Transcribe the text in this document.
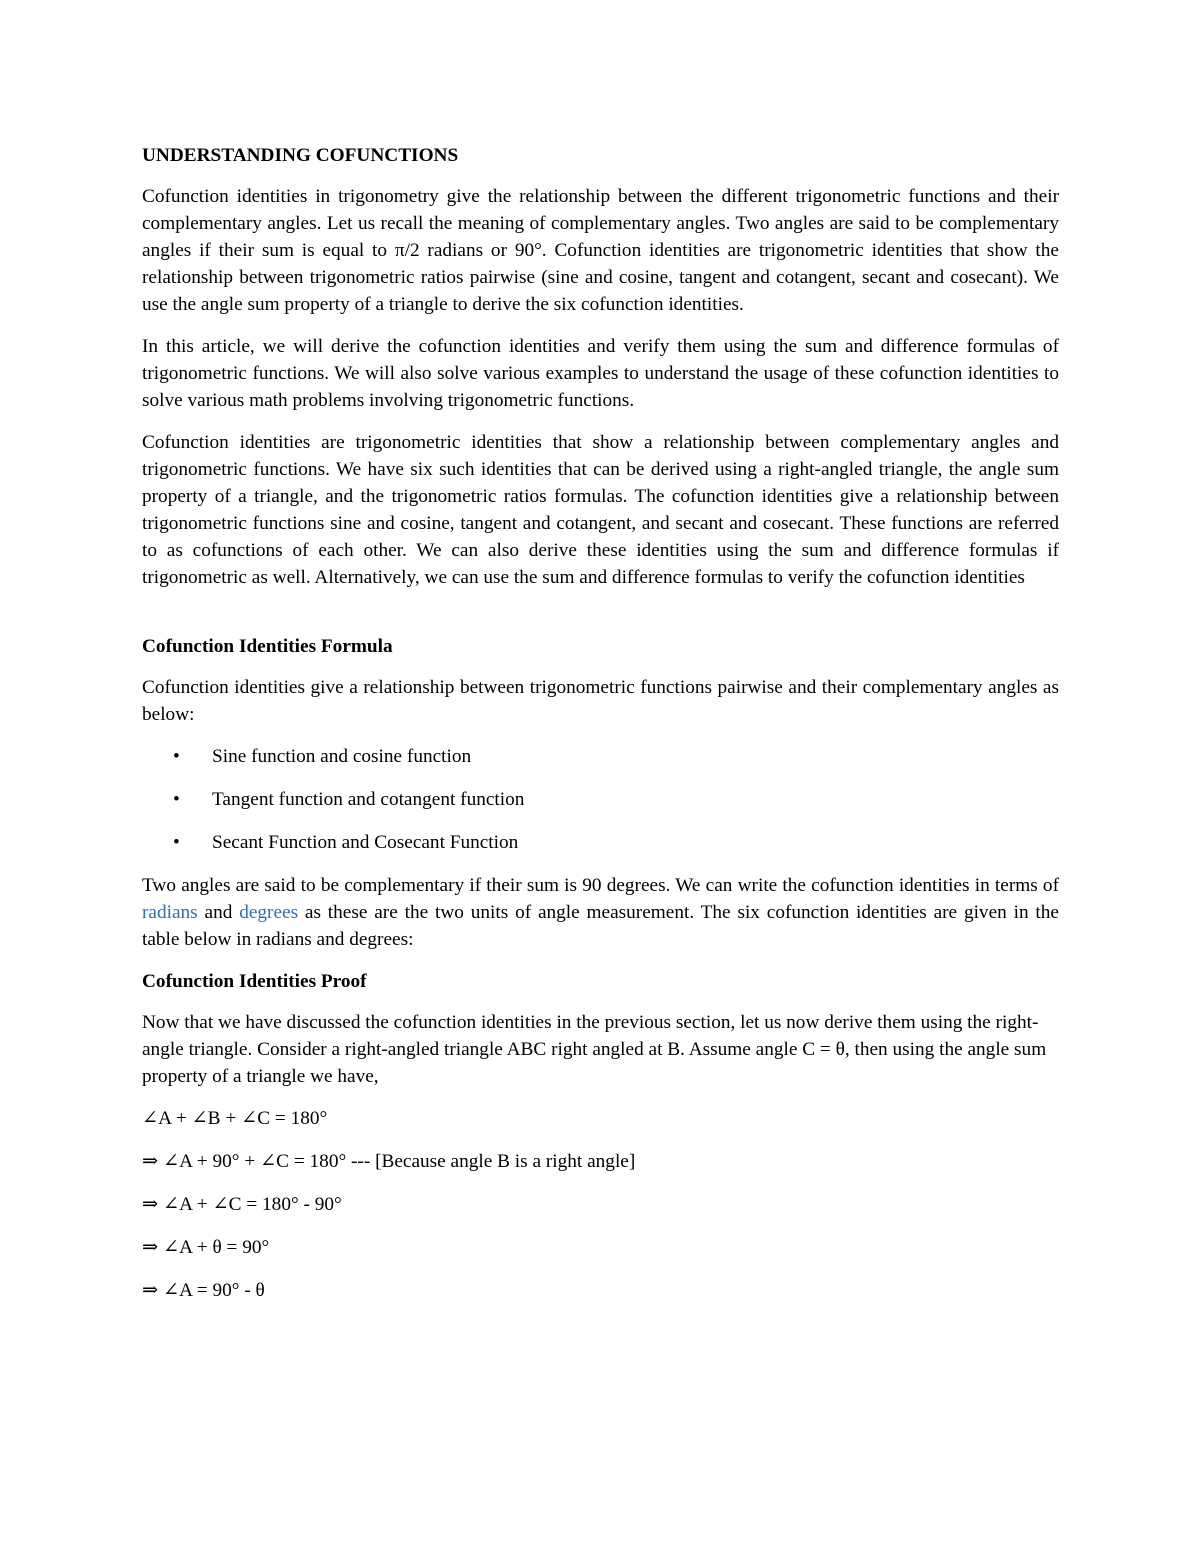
UNDERSTANDING COFUNCTIONS

Cofunction identities in trigonometry give the relationship between the different trigonometric functions and their complementary angles. Let us recall the meaning of complementary angles. Two angles are said to be complementary angles if their sum is equal to π/2 radians or 90°. Cofunction identities are trigonometric identities that show the relationship between trigonometric ratios pairwise (sine and cosine, tangent and cotangent, secant and cosecant). We use the angle sum property of a triangle to derive the six cofunction identities.

In this article, we will derive the cofunction identities and verify them using the sum and difference formulas of trigonometric functions. We will also solve various examples to understand the usage of these cofunction identities to solve various math problems involving trigonometric functions.

Cofunction identities are trigonometric identities that show a relationship between complementary angles and trigonometric functions. We have six such identities that can be derived using a right-angled triangle, the angle sum property of a triangle, and the trigonometric ratios formulas. The cofunction identities give a relationship between trigonometric functions sine and cosine, tangent and cotangent, and secant and cosecant. These functions are referred to as cofunctions of each other. We can also derive these identities using the sum and difference formulas if trigonometric as well. Alternatively, we can use the sum and difference formulas to verify the cofunction identities

Cofunction Identities Formula

Cofunction identities give a relationship between trigonometric functions pairwise and their complementary angles as below:

• Sine function and cosine function
• Tangent function and cotangent function
• Secant Function and Cosecant Function

Two angles are said to be complementary if their sum is 90 degrees. We can write the cofunction identities in terms of radians and degrees as these are the two units of angle measurement. The six cofunction identities are given in the table below in radians and degrees:

Cofunction Identities Proof

Now that we have discussed the cofunction identities in the previous section, let us now derive them using the right-angle triangle. Consider a right-angled triangle ABC right angled at B. Assume angle C = θ, then using the angle sum property of a triangle we have,

∠A + ∠B + ∠C = 180°

⇒ ∠A + 90° + ∠C = 180° --- [Because angle B is a right angle]

⇒ ∠A + ∠C = 180° - 90°

⇒ ∠A + θ = 90°

⇒ ∠A = 90° - θ
